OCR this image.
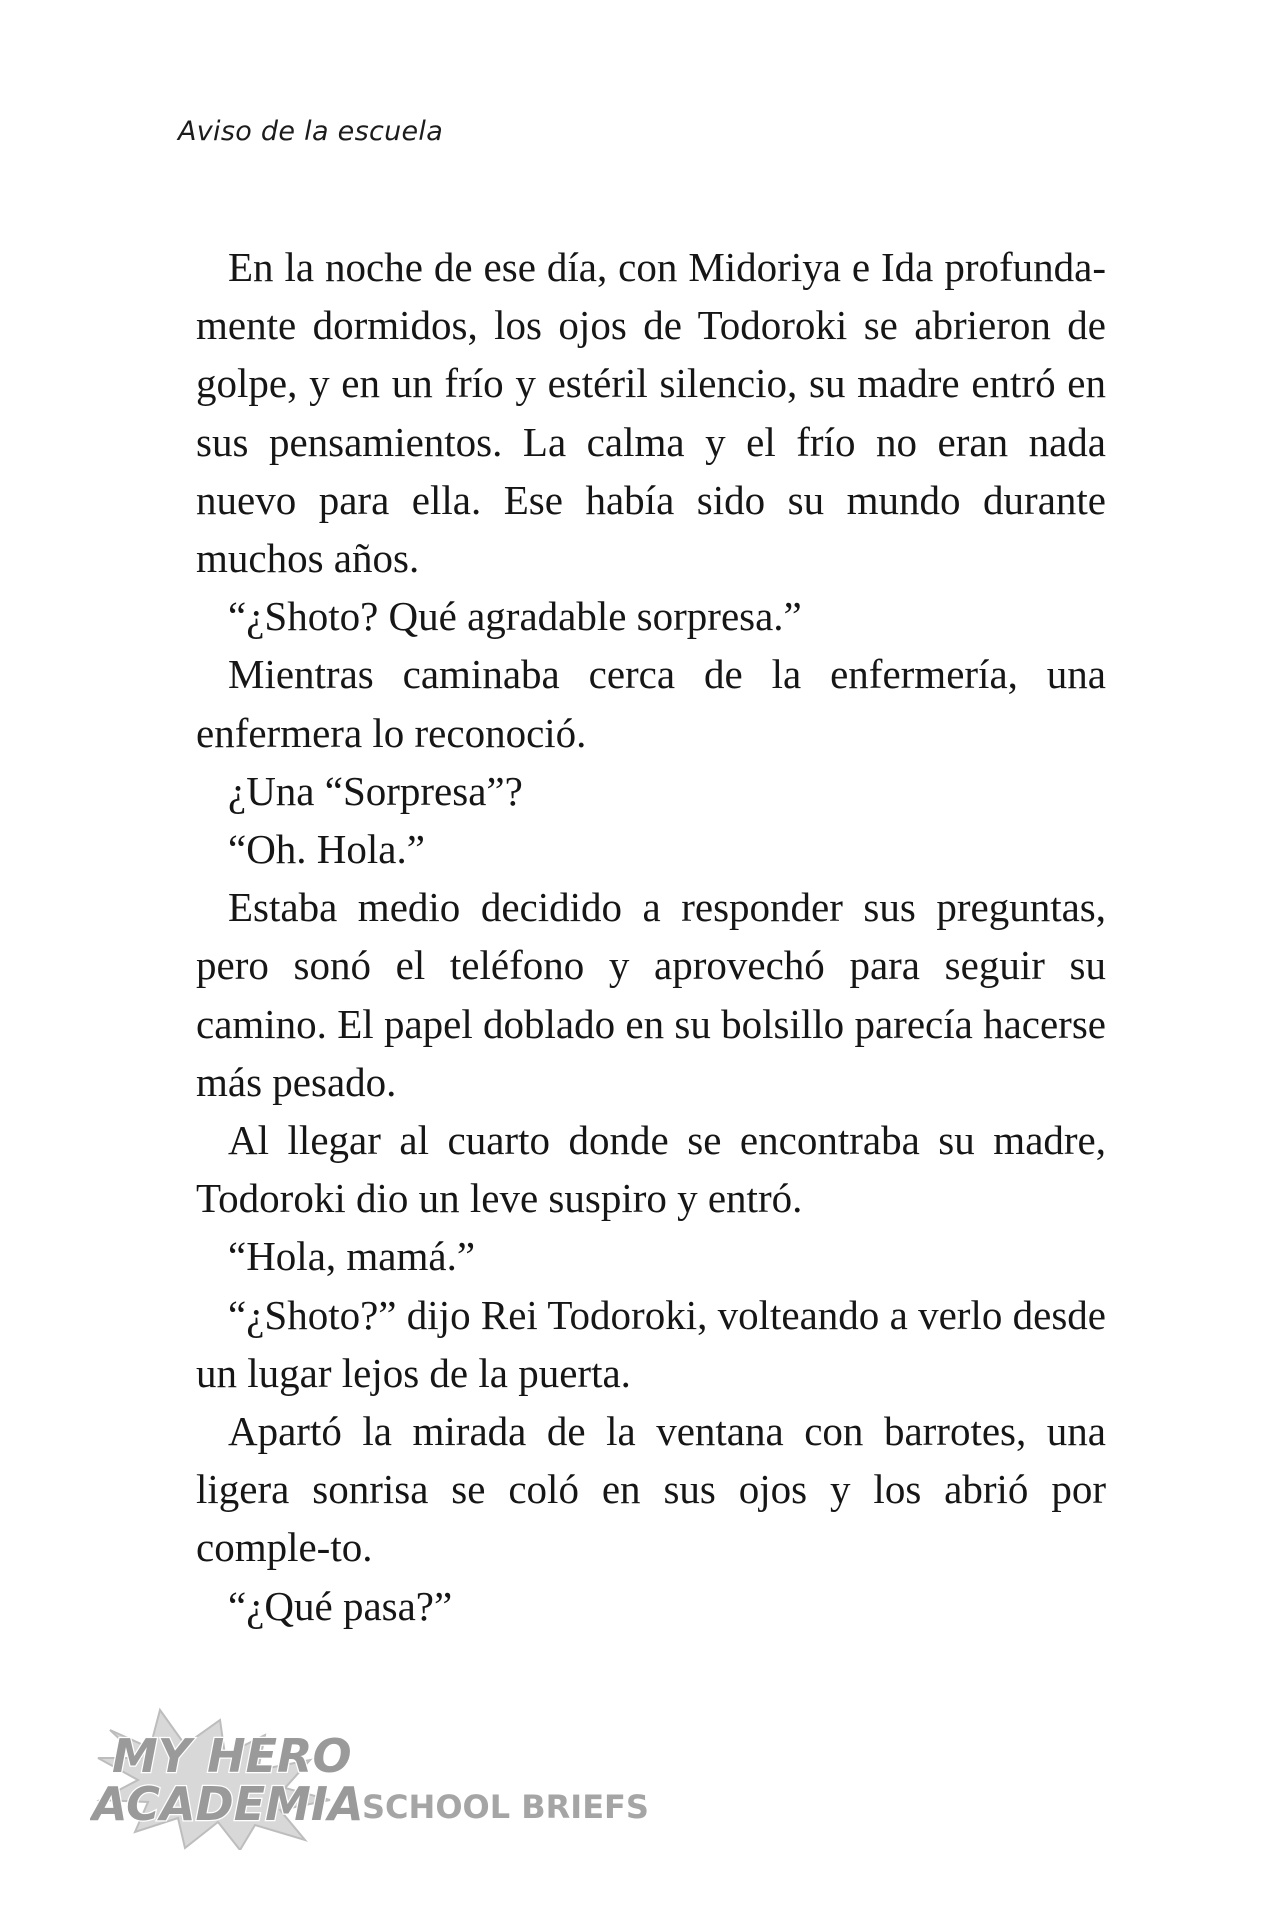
Aviso de la escuela

En la noche de ese día, con Midoriya e Ida profunda-mente dormidos, los ojos de Todoroki se abrieron de golpe, y en un frío y estéril silencio, su madre entró en sus pensamientos. La calma y el frío no eran nada nuevo para ella. Ese había sido su mundo durante muchos años.

“¿Shoto? Qué agradable sorpresa.”

Mientras caminaba cerca de la enfermería, una enfermera lo reconoció.

¿Una “Sorpresa”?

“Oh. Hola.”

Estaba medio decidido a responder sus preguntas, pero sonó el teléfono y aprovechó para seguir su camino. El papel doblado en su bolsillo parecía hacerse más pesado.

Al llegar al cuarto donde se encontraba su madre, Todoroki dio un leve suspiro y entró.

“Hola, mamá.”

“¿Shoto?” dijo Rei Todoroki, volteando a verlo desde un lugar lejos de la puerta.

Apartó la mirada de la ventana con barrotes, una ligera sonrisa se coló en sus ojos y los abrió por comple-to.

“¿Qué pasa?”

MY HERO
ACADEMIA
SCHOOL BRIEFS
